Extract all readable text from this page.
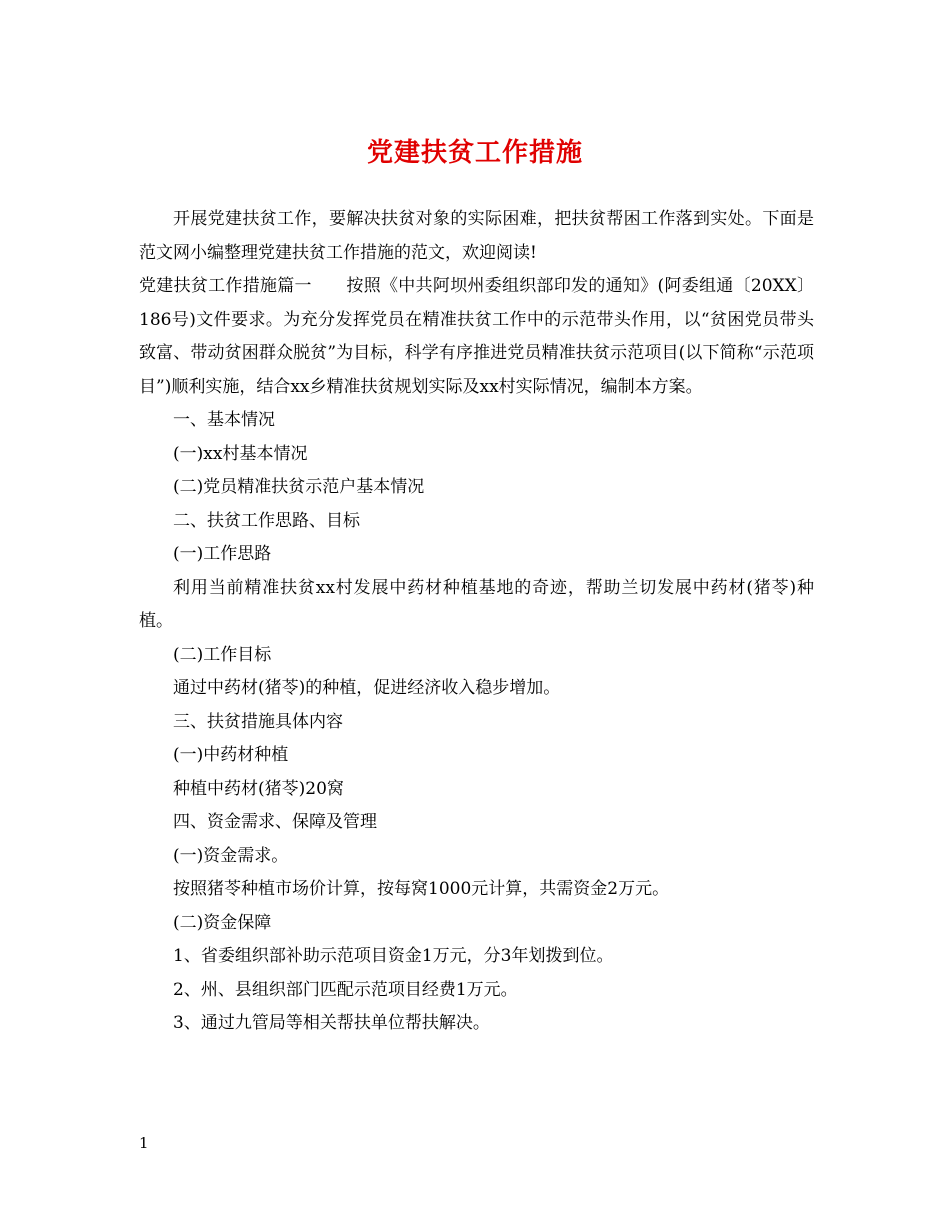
党建扶贫工作措施

开展党建扶贫工作，要解决扶贫对象的实际困难，把扶贫帮困工作落到实处。下面是范文网小编整理党建扶贫工作措施的范文，欢迎阅读!

党建扶贫工作措施篇一　　按照《中共阿坝州委组织部印发的通知》(阿委组通〔20XX〕186号)文件要求。为充分发挥党员在精准扶贫工作中的示范带头作用，以“贫困党员带头致富、带动贫困群众脱贫”为目标，科学有序推进党员精准扶贫示范项目(以下简称“示范项目”)顺利实施，结合xx乡精准扶贫规划实际及xx村实际情况，编制本方案。

一、基本情况

(一)xx村基本情况

(二)党员精准扶贫示范户基本情况

二、扶贫工作思路、目标

(一)工作思路

利用当前精准扶贫xx村发展中药材种植基地的奇迹，帮助兰切发展中药材(猪苓)种植。

(二)工作目标

通过中药材(猪苓)的种植，促进经济收入稳步增加。

三、扶贫措施具体内容

(一)中药材种植

种植中药材(猪苓)20窝

四、资金需求、保障及管理

(一)资金需求。

按照猪苓种植市场价计算，按每窝1000元计算，共需资金2万元。

(二)资金保障

1、省委组织部补助示范项目资金1万元，分3年划拨到位。

2、州、县组织部门匹配示范项目经费1万元。

3、通过九管局等相关帮扶单位帮扶解决。

1
